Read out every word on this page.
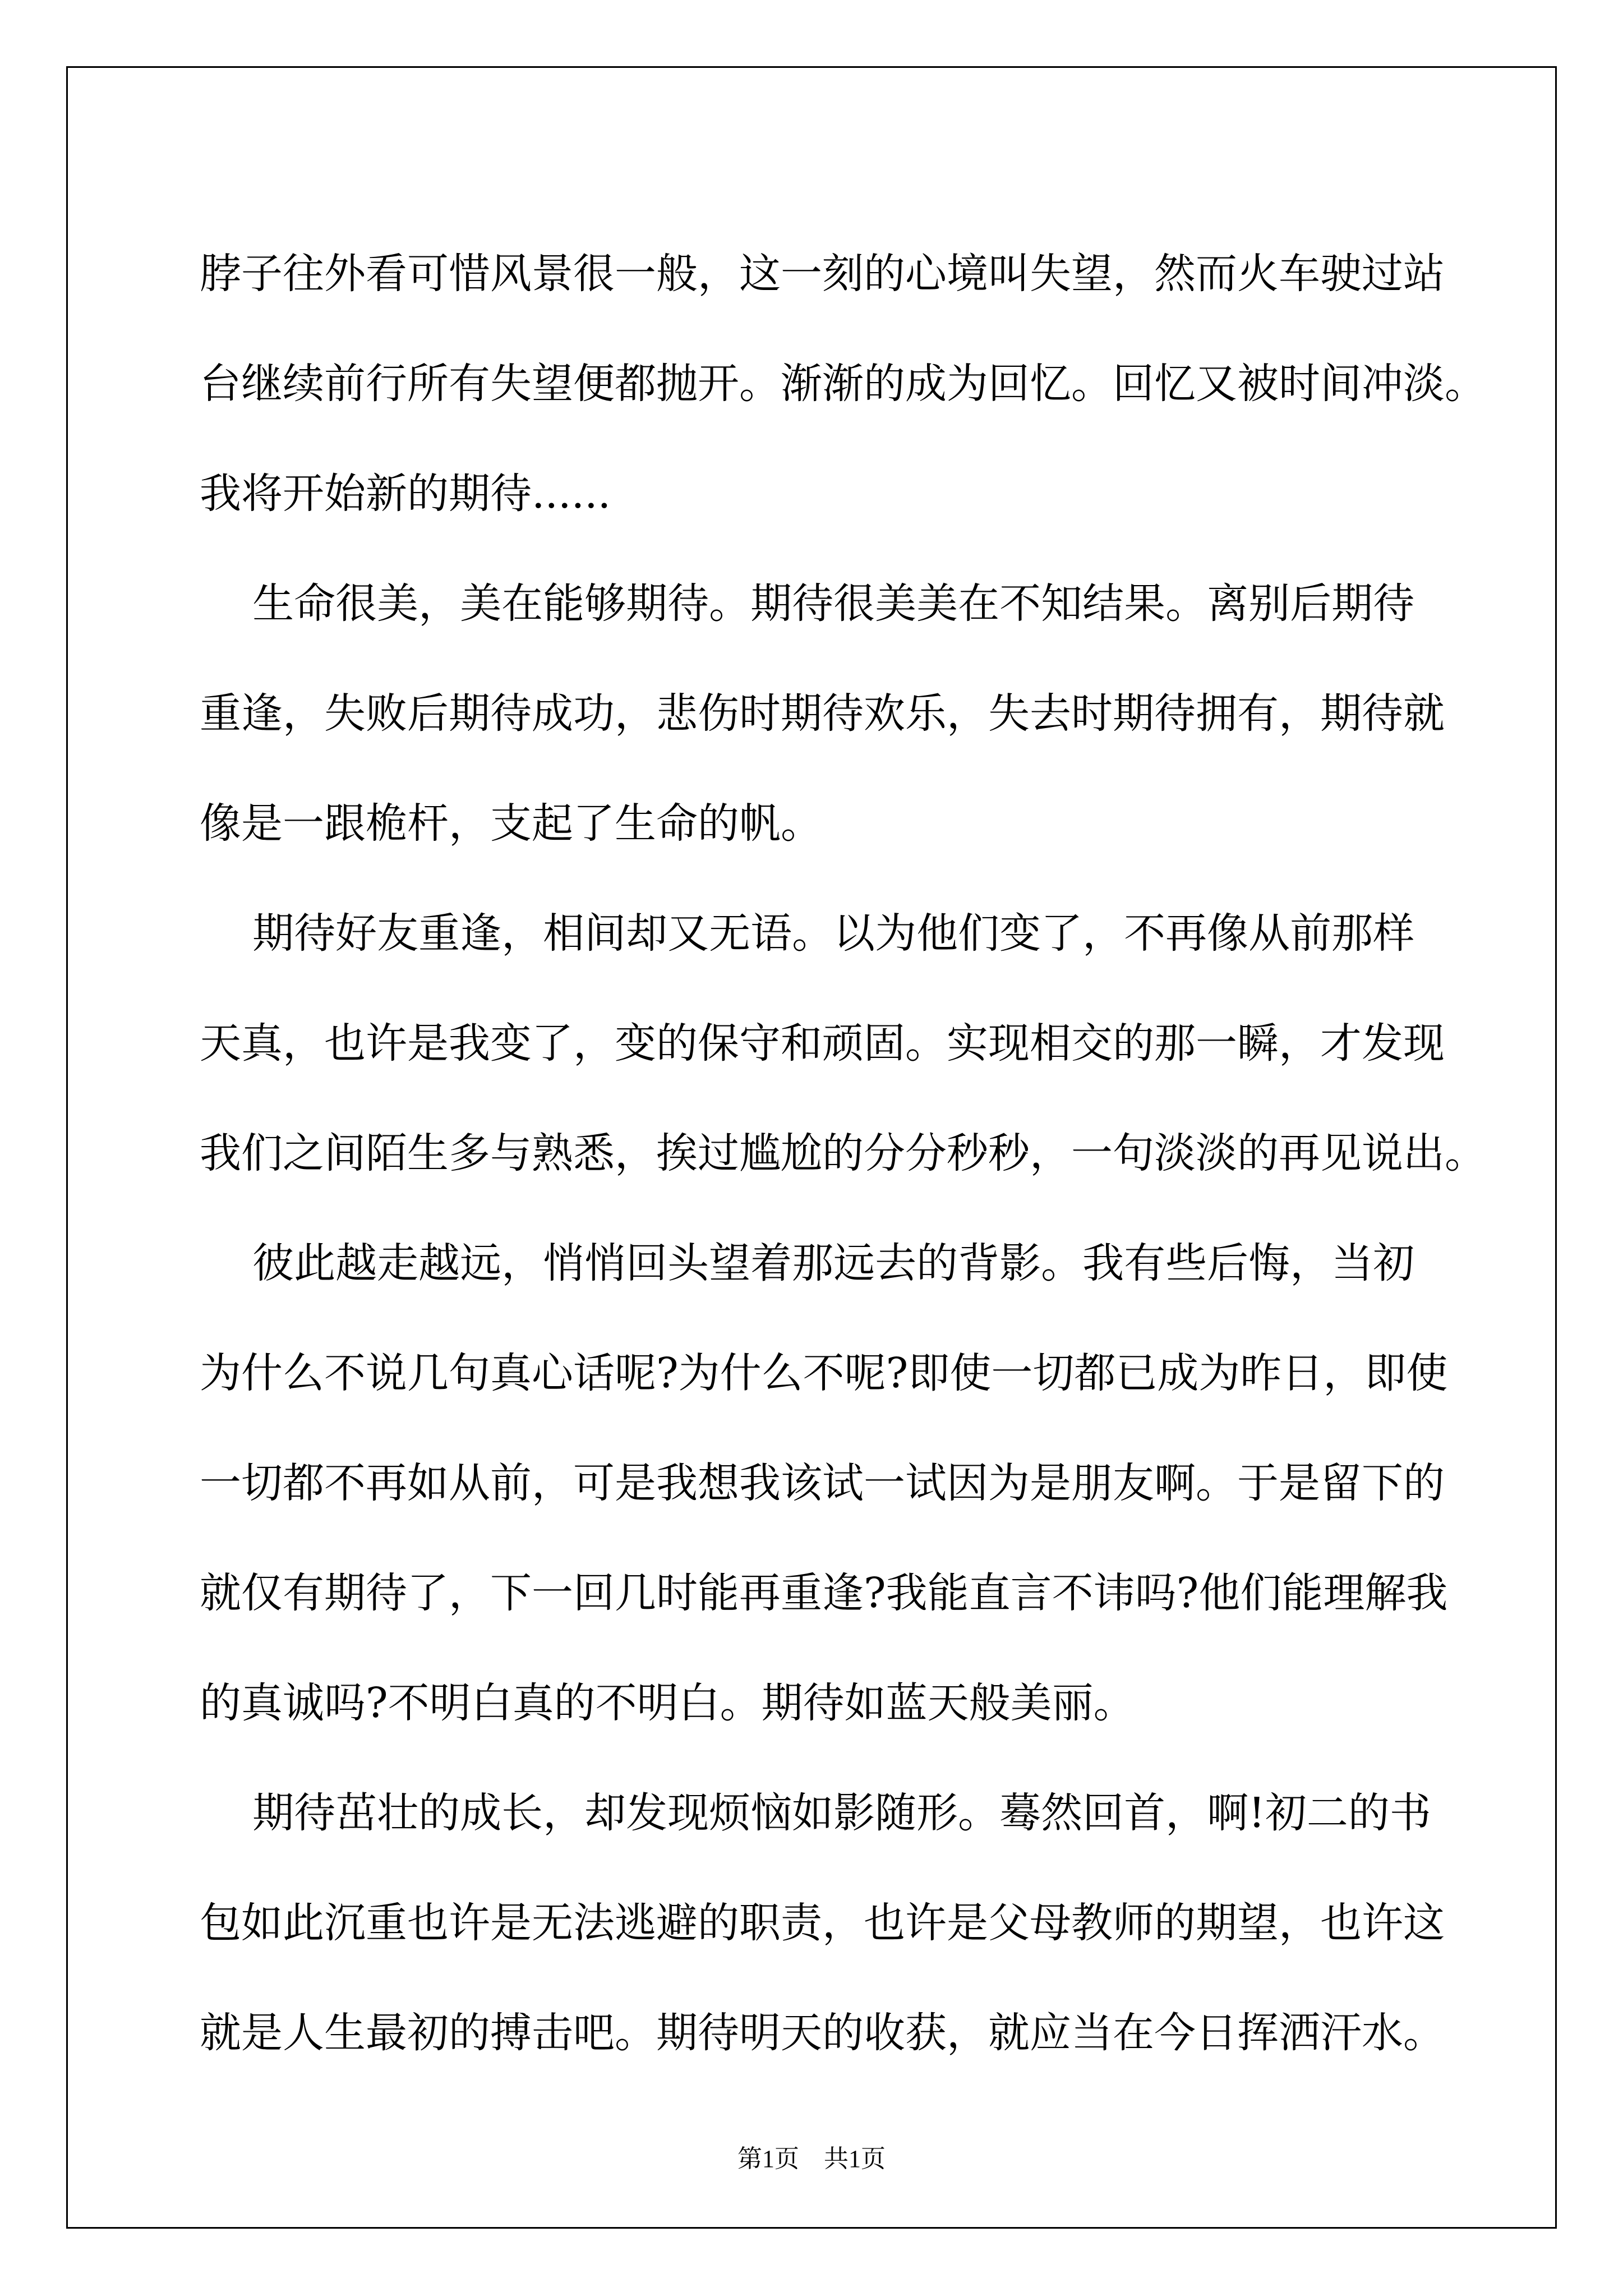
脖子往外看可惜风景很一般，这一刻的心境叫失望，然而火车驶过站

台继续前行所有失望便都抛开。渐渐的成为回忆。回忆又被时间冲淡。

我将开始新的期待......

生命很美，美在能够期待。期待很美美在不知结果。离别后期待

重逢，失败后期待成功，悲伤时期待欢乐，失去时期待拥有，期待就

像是一跟桅杆，支起了生命的帆。

期待好友重逢，相间却又无语。以为他们变了，不再像从前那样

天真，也许是我变了，变的保守和顽固。实现相交的那一瞬，才发现

我们之间陌生多与熟悉，挨过尴尬的分分秒秒，一句淡淡的再见说出。

彼此越走越远，悄悄回头望着那远去的背影。我有些后悔，当初

为什么不说几句真心话呢?为什么不呢?即使一切都已成为昨日，即使

一切都不再如从前，可是我想我该试一试因为是朋友啊。于是留下的

就仅有期待了，下一回几时能再重逢?我能直言不讳吗?他们能理解我

的真诚吗?不明白真的不明白。期待如蓝天般美丽。

期待茁壮的成长，却发现烦恼如影随形。蓦然回首，啊!初二的书

包如此沉重也许是无法逃避的职责，也许是父母教师的期望，也许这

就是人生最初的搏击吧。期待明天的收获，就应当在今日挥洒汗水。

第1页　共1页
